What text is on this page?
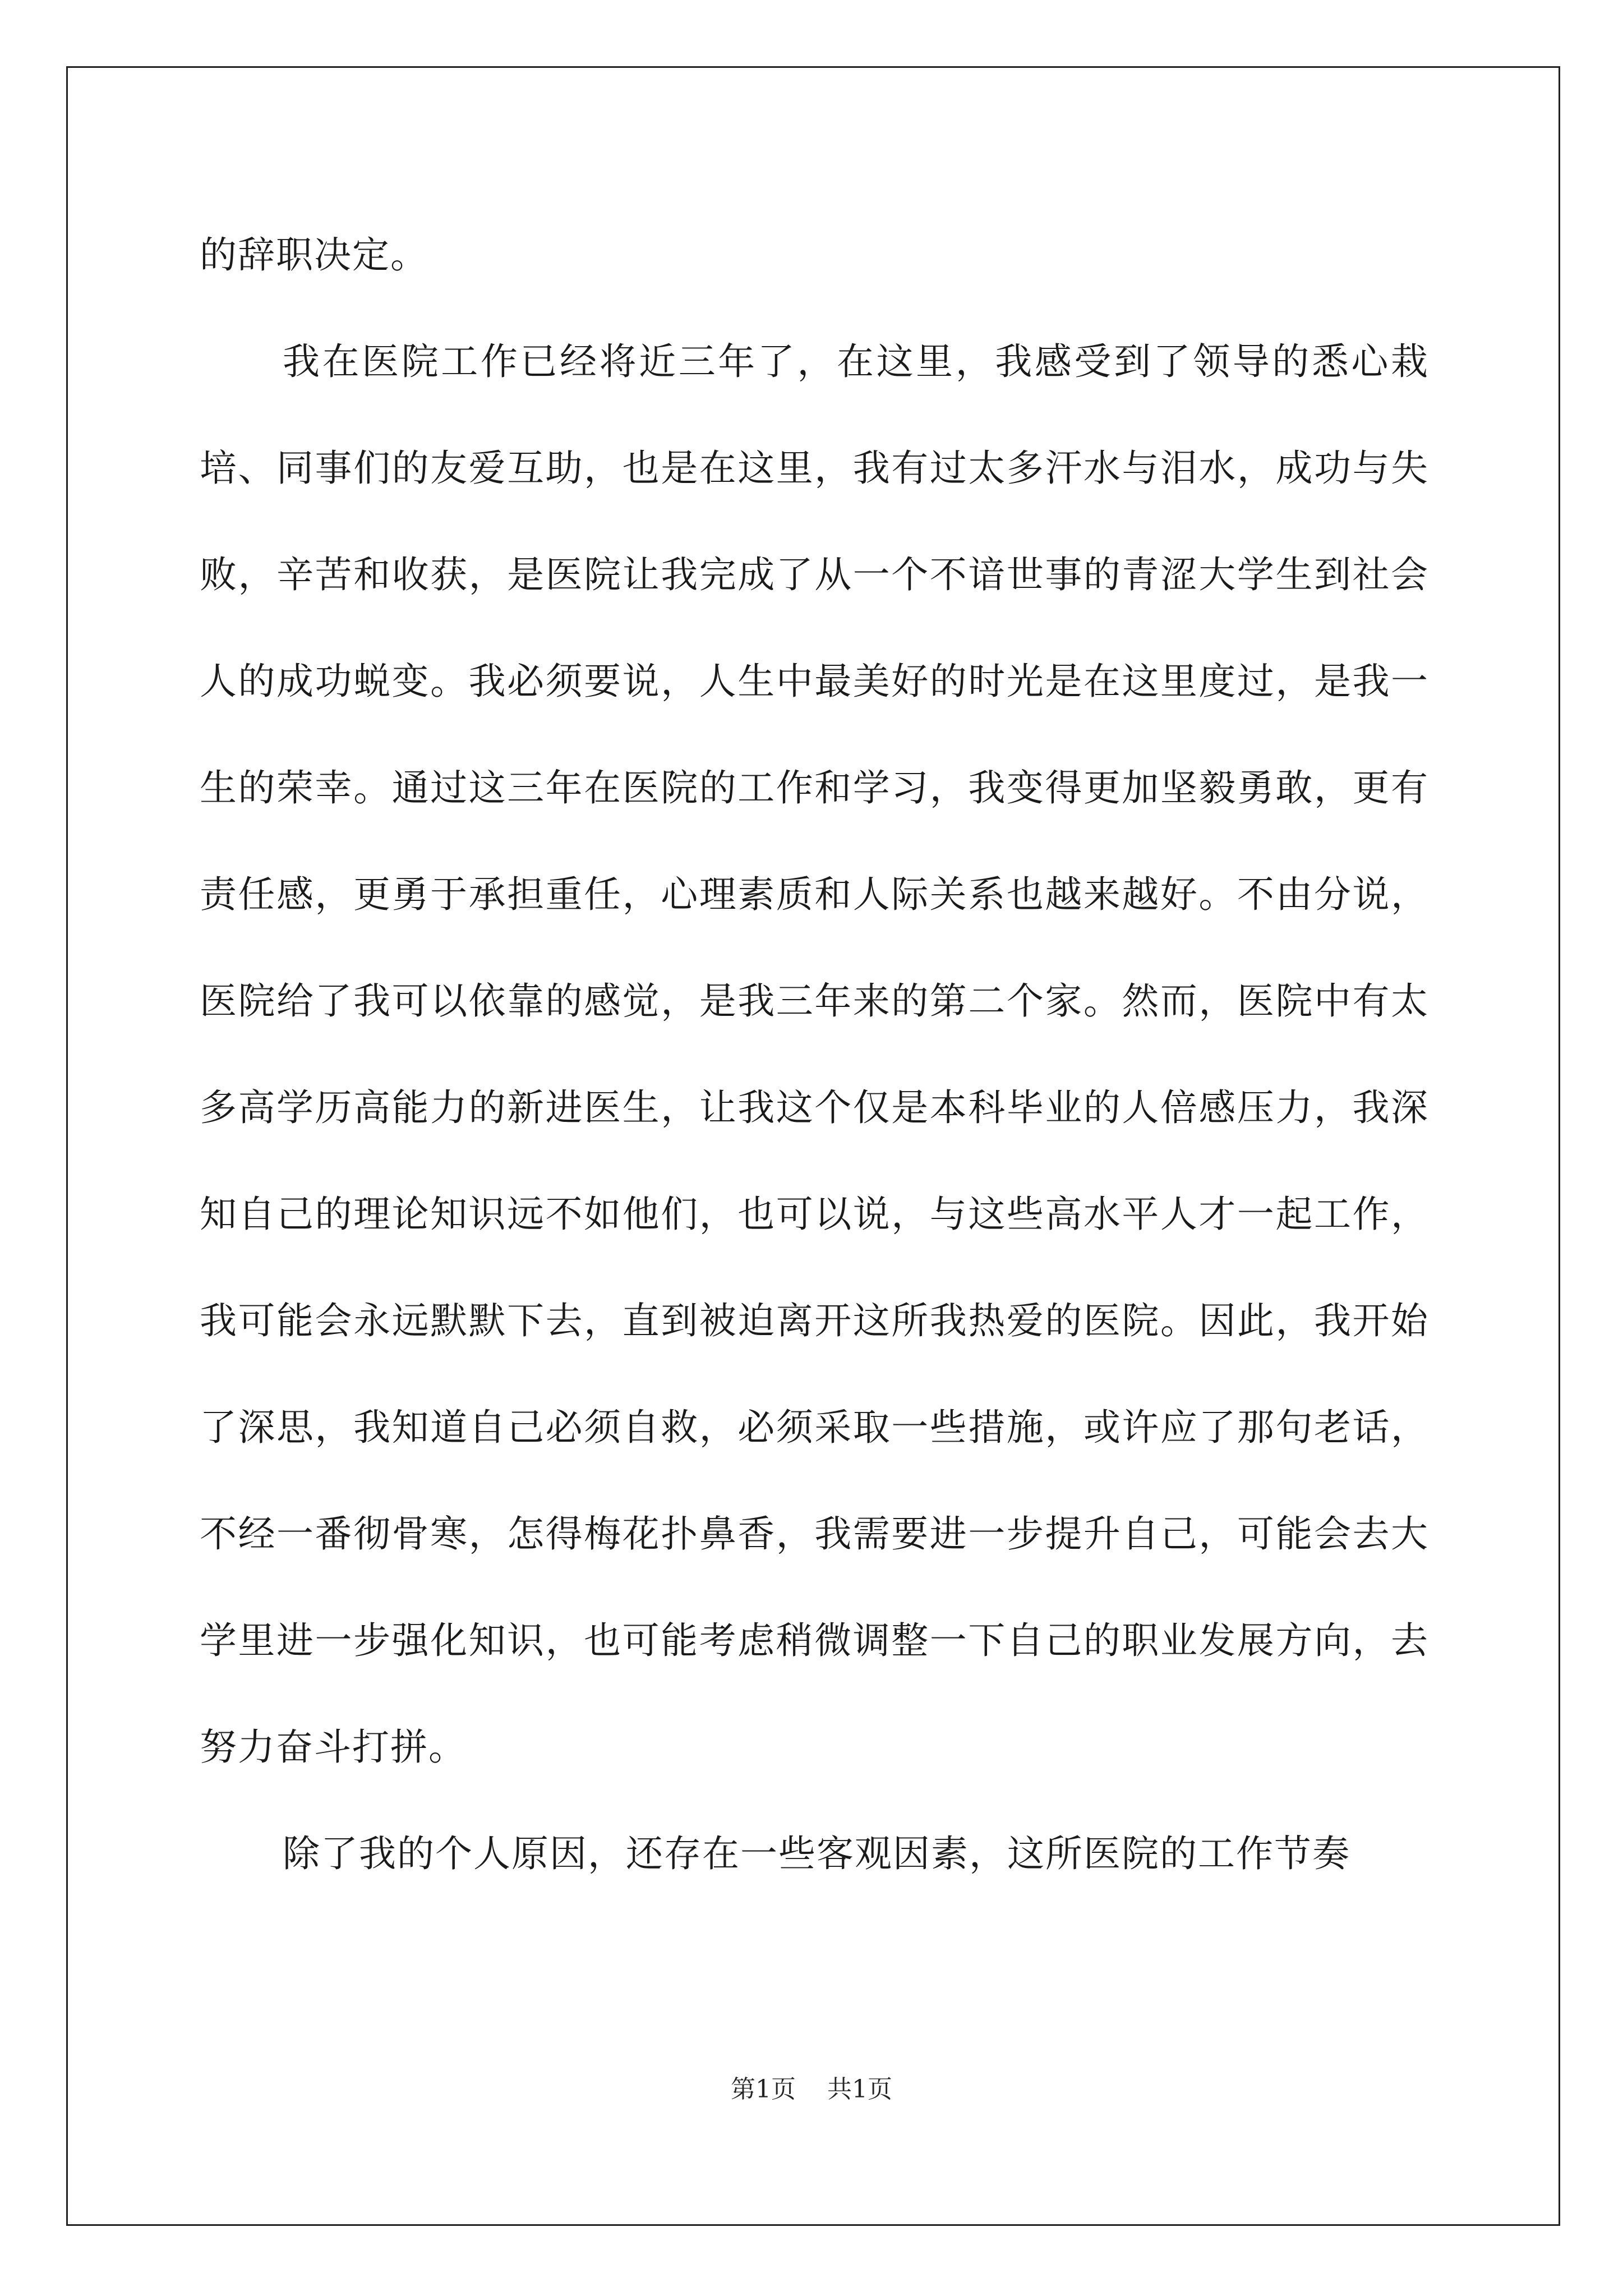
的辞职决定。

我在医院工作已经将近三年了，在这里，我感受到了领导的悉心栽培、同事们的友爱互助，也是在这里，我有过太多汗水与泪水，成功与失败，辛苦和收获，是医院让我完成了从一个不谙世事的青涩大学生到社会人的成功蜕变。我必须要说，人生中最美好的时光是在这里度过，是我一生的荣幸。通过这三年在医院的工作和学习，我变得更加坚毅勇敢，更有责任感，更勇于承担重任，心理素质和人际关系也越来越好。不由分说，医院给了我可以依靠的感觉，是我三年来的第二个家。然而，医院中有太多高学历高能力的新进医生，让我这个仅是本科毕业的人倍感压力，我深知自己的理论知识远不如他们，也可以说，与这些高水平人才一起工作，我可能会永远默默下去，直到被迫离开这所我热爱的医院。因此，我开始了深思，我知道自己必须自救，必须采取一些措施，或许应了那句老话，不经一番彻骨寒，怎得梅花扑鼻香，我需要进一步提升自己，可能会去大学里进一步强化知识，也可能考虑稍微调整一下自己的职业发展方向，去努力奋斗打拼。

除了我的个人原因，还存在一些客观因素，这所医院的工作节奏

第1页 共1页
